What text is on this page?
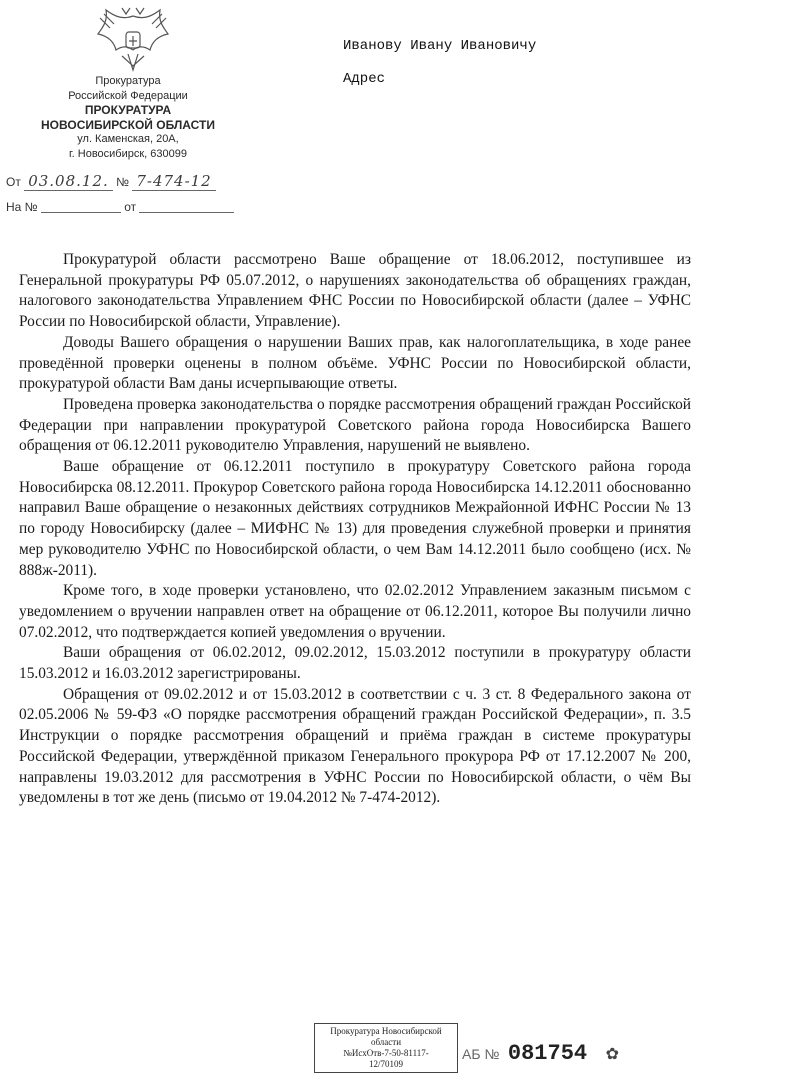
Прокуратура
Российской Федерации
ПРОКУРАТУРА
НОВОСИБИРСКОЙ ОБЛАСТИ
ул. Каменская, 20А,
г. Новосибирск, 630099
Иванову Ивану Ивановичу
Адрес
От 03.08.12. № 7-474-12
На №	от

Прокуратурой области рассмотрено Ваше обращение от 18.06.2012, поступившее из Генеральной прокуратуры РФ 05.07.2012, о нарушениях законодательства об обращениях граждан, налогового законодательства Управлением ФНС России по Новосибирской области (далее – УФНС России по Новосибирской области, Управление).

Доводы Вашего обращения о нарушении Ваших прав, как налогоплательщика, в ходе ранее проведённой проверки оценены в полном объёме. УФНС России по Новосибирской области, прокуратурой области Вам даны исчерпывающие ответы.

Проведена проверка законодательства о порядке рассмотрения обращений граждан Российской Федерации при направлении прокуратурой Советского района города Новосибирска Вашего обращения от 06.12.2011 руководителю Управления, нарушений не выявлено.

Ваше обращение от 06.12.2011 поступило в прокуратуру Советского района города Новосибирска 08.12.2011. Прокурор Советского района города Новосибирска 14.12.2011 обоснованно направил Ваше обращение о незаконных действиях сотрудников Межрайонной ИФНС России № 13 по городу Новосибирску (далее – МИФНС № 13) для проведения служебной проверки и принятия мер руководителю УФНС по Новосибирской области, о чем Вам 14.12.2011 было сообщено (исх. № 888ж-2011).

Кроме того, в ходе проверки установлено, что 02.02.2012 Управлением заказным письмом с уведомлением о вручении направлен ответ на обращение от 06.12.2011, которое Вы получили лично 07.02.2012, что подтверждается копией уведомления о вручении.

Ваши обращения от 06.02.2012, 09.02.2012, 15.03.2012 поступили в прокуратуру области 15.03.2012 и 16.03.2012 зарегистрированы.

Обращения от 09.02.2012 и от 15.03.2012 в соответствии с ч. 3 ст. 8 Федерального закона от 02.05.2006 № 59-ФЗ «О порядке рассмотрения обращений граждан Российской Федерации», п. 3.5 Инструкции о порядке рассмотрения обращений и приёма граждан в системе прокуратуры Российской Федерации, утверждённой приказом Генерального прокурора РФ от 17.12.2007 № 200, направлены 19.03.2012 для рассмотрения в УФНС России по Новосибирской области, о чём Вы уведомлены в тот же день (письмо от 19.04.2012 № 7-474-2012).

Прокуратура Новосибирской
области
№ИсхОтв-7-50-81117-
12/70109
АБ № 081754 ✿
